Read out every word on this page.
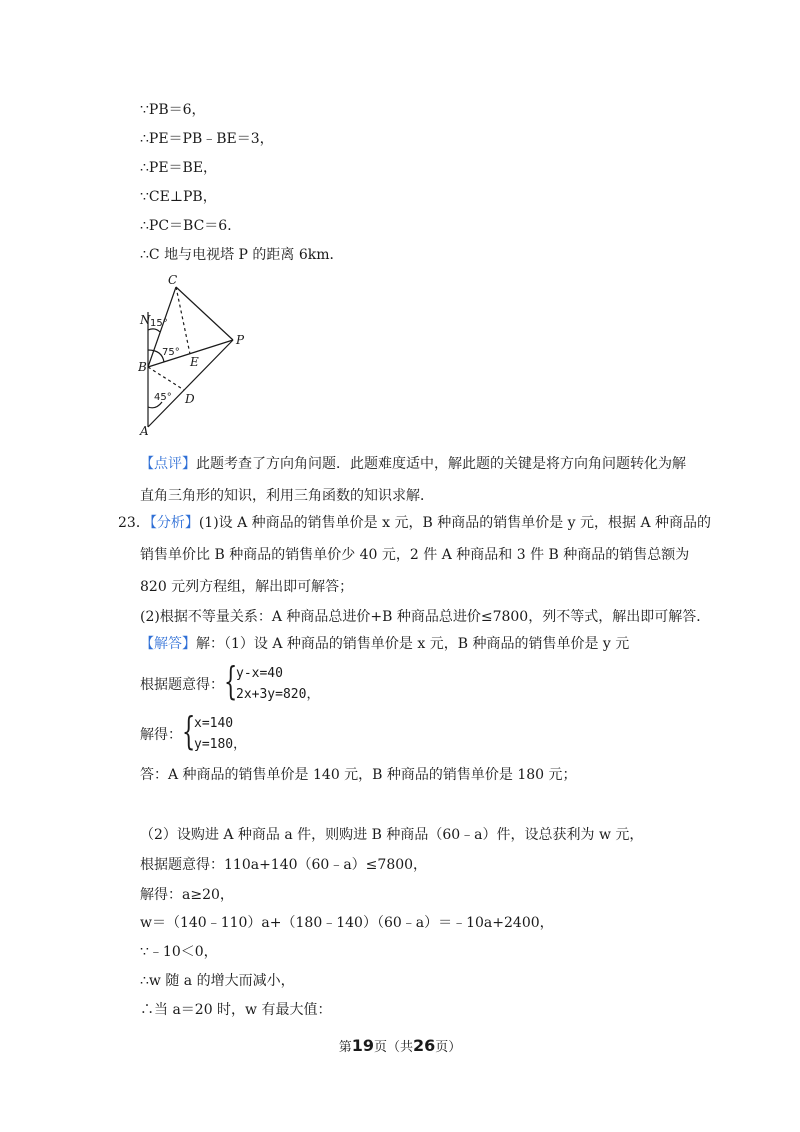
∵PB＝6，
∴PE＝PB﹣BE＝3，
∴PE＝BE，
∵CE⊥PB，
∴PC＝BC＝6．
∴C 地与电视塔 P 的距离 6km．
C
N
B
P
E
D
A
15°
75°
45°
【点评】此题考查了方向角问题．此题难度适中，解此题的关键是将方向角问题转化为解
直角三角形的知识，利用三角函数的知识求解．
23．【分析】(1)设 A 种商品的销售单价是 x 元，B 种商品的销售单价是 y 元，根据 A 种商品的
销售单价比 B 种商品的销售单价少 40 元，2 件 A 种商品和 3 件 B 种商品的销售总额为
820 元列方程组，解出即可解答；
(2)根据不等量关系：A 种商品总进价+B 种商品总进价≤7800，列不等式，解出即可解答．
【解答】解：（1）设 A 种商品的销售单价是 x 元，B 种商品的销售单价是 y 元
根据题意得： {
y-x=40
2x+3y=820，
解得： {
x=140
y=180，
答：A 种商品的销售单价是 140 元，B 种商品的销售单价是 180 元；
（2）设购进 A 种商品 a 件，则购进 B 种商品（60﹣a）件，设总获利为 w 元，
根据题意得：110a+140（60﹣a）≤7800，
解得：a≥20，
w＝（140﹣110）a+（180﹣140）（60﹣a）＝﹣10a+2400，
∵﹣10＜0，
∴w 随 a 的增大而减小，
∴当 a＝20 时，w 有最大值：
第19页（共26页）
